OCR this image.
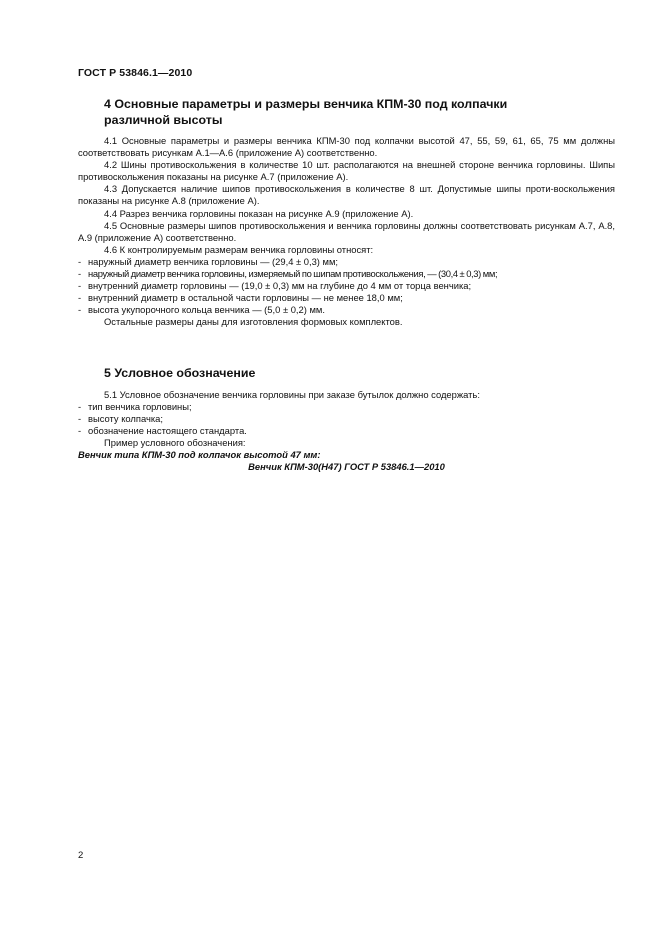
ГОСТ Р 53846.1—2010
4 Основные параметры и размеры венчика КПМ-30 под колпачки
различной высоты

4.1 Основные параметры и размеры венчика КПМ-30 под колпачки высотой 47, 55, 59, 61, 65, 75 мм должны соответствовать рисункам А.1—А.6 (приложение А) соответственно.

4.2 Шины противоскольжения в количестве 10 шт. располагаются на внешней стороне венчика горловины. Шипы противоскольжения показаны на рисунке А.7 (приложение А).

4.3 Допускается наличие шипов противоскольжения в количестве 8 шт. Допустимые шипы проти-воскольжения показаны на рисунке А.8 (приложение А).

4.4 Разрез венчика горловины показан на рисунке А.9 (приложение А).

4.5 Основные размеры шипов противоскольжения и венчика горловины должны соответствовать рисункам А.7, А.8, А.9 (приложение А) соответственно.

4.6 К контролируемым размерам венчика горловины относят:

- наружный диаметр венчика горловины — (29,4 ± 0,3) мм;

- наружный диаметр венчика горловины, измеряемый по шипам противоскольжения, — (30,4 ± 0,3) мм;

- внутренний диаметр горловины — (19,0 ± 0,3) мм на глубине до 4 мм от торца венчика;

- внутренний диаметр в остальной части горловины — не менее 18,0 мм;

- высота укупорочного кольца венчика — (5,0 ± 0,2) мм.

Остальные размеры даны для изготовления формовых комплектов.

5 Условное обозначение

5.1 Условное обозначение венчика горловины при заказе бутылок должно содержать:

- тип венчика горловины;

- высоту колпачка;

- обозначение настоящего стандарта.

Пример условного обозначения:

Венчик типа КПМ-30 под колпачок высотой 47 мм:

Венчик КПМ-30(Н47) ГОСТ Р 53846.1—2010

2
